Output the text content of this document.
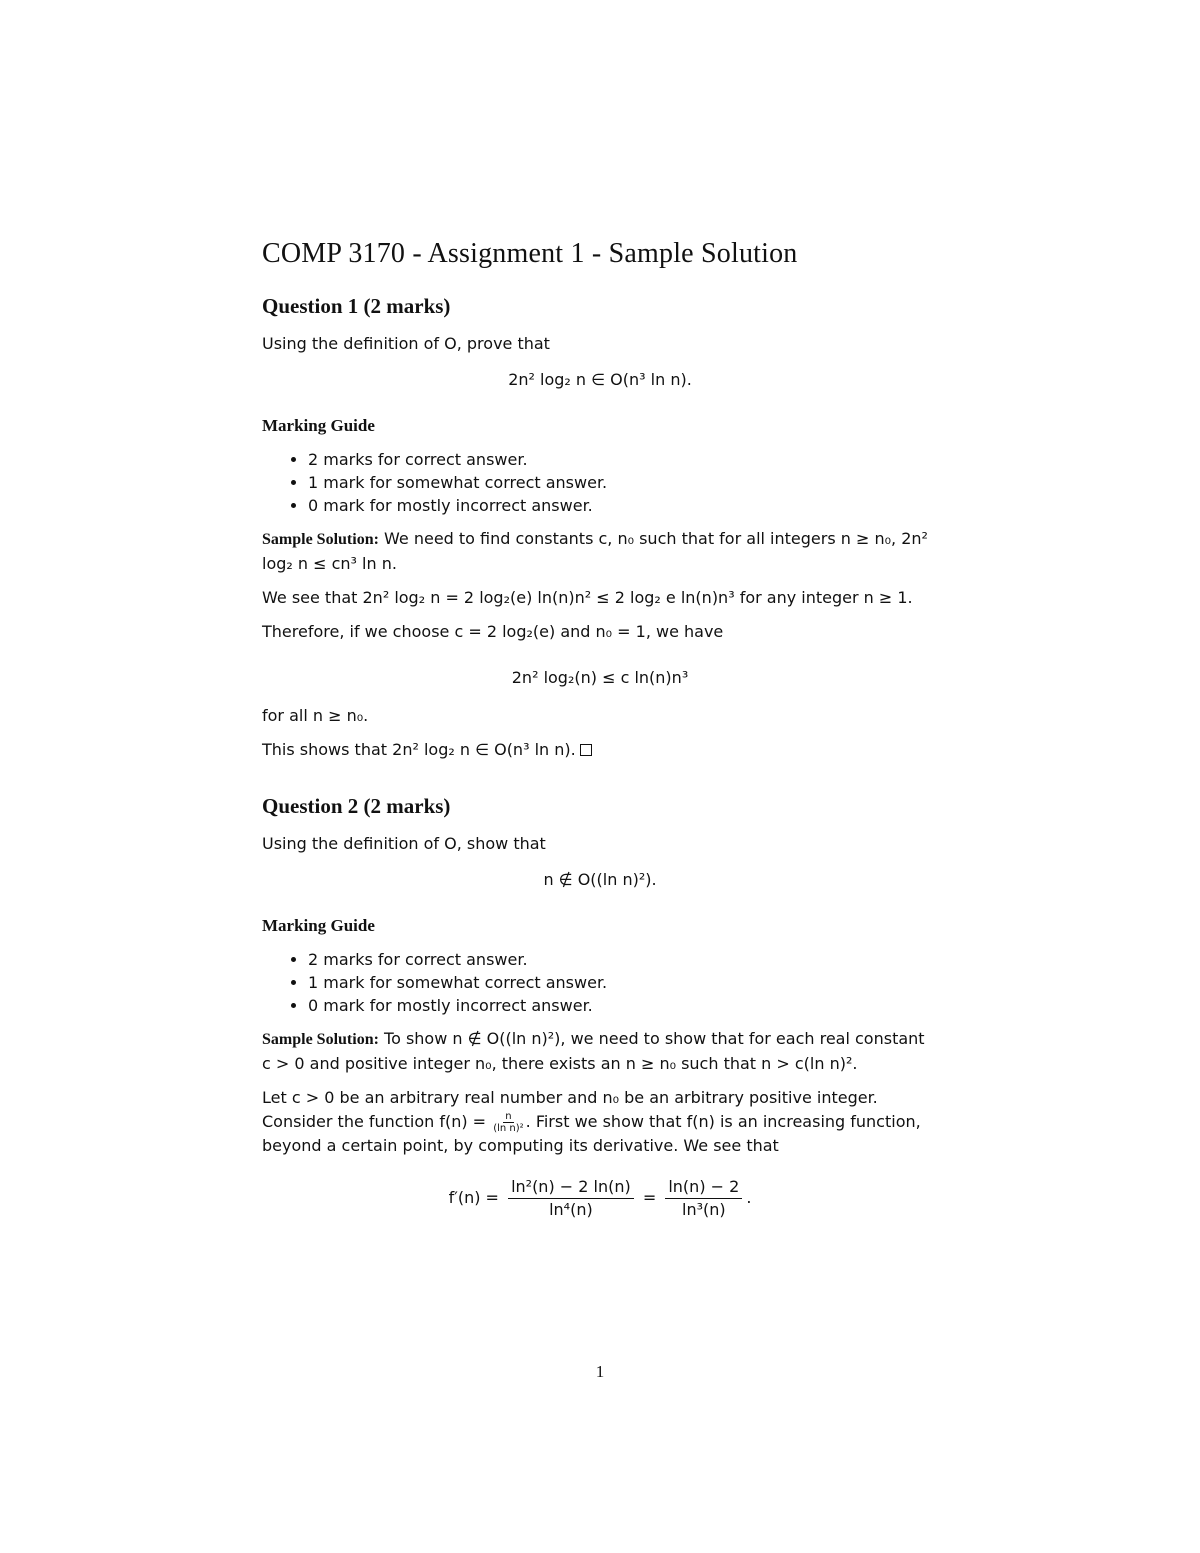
COMP 3170 - Assignment 1 - Sample Solution
Question 1 (2 marks)

Using the definition of O, prove that

2n² log₂ n ∈ O(n³ ln n).
Marking Guide
• 2 marks for correct answer.
• 1 mark for somewhat correct answer.
• 0 mark for mostly incorrect answer.

Sample Solution: We need to find constants c, n₀ such that for all integers n ≥ n₀, 2n² log₂ n ≤ cn³ ln n.

We see that 2n² log₂ n = 2 log₂(e) ln(n)n² ≤ 2 log₂ e ln(n)n³ for any integer n ≥ 1.

Therefore, if we choose c = 2 log₂(e) and n₀ = 1, we have

2n² log₂(n) ≤ c ln(n)n³

for all n ≥ n₀.

This shows that 2n² log₂ n ∈ O(n³ ln n).

Question 2 (2 marks)

Using the definition of O, show that

n ∉ O((ln n)²).
Marking Guide
• 2 marks for correct answer.
• 1 mark for somewhat correct answer.
• 0 mark for mostly incorrect answer.

Sample Solution: To show n ∉ O((ln n)²), we need to show that for each real constant c > 0 and positive integer n₀, there exists an n ≥ n₀ such that n > c(ln n)².

Let c > 0 be an arbitrary real number and n₀ be an arbitrary positive integer. Consider the function $f(n) = \frac{n}{\text{(ln n)²}}$ . First we show that f(n) is an increasing function, beyond a certain point, by computing its derivative. We see that

$f'(n) = \frac{\text{ln²(n) − 2 ln(n)}}{\text{ln⁴(n)}} = \frac{\ln(n) - 2}{\text{ln³(n)}}$ .
1
